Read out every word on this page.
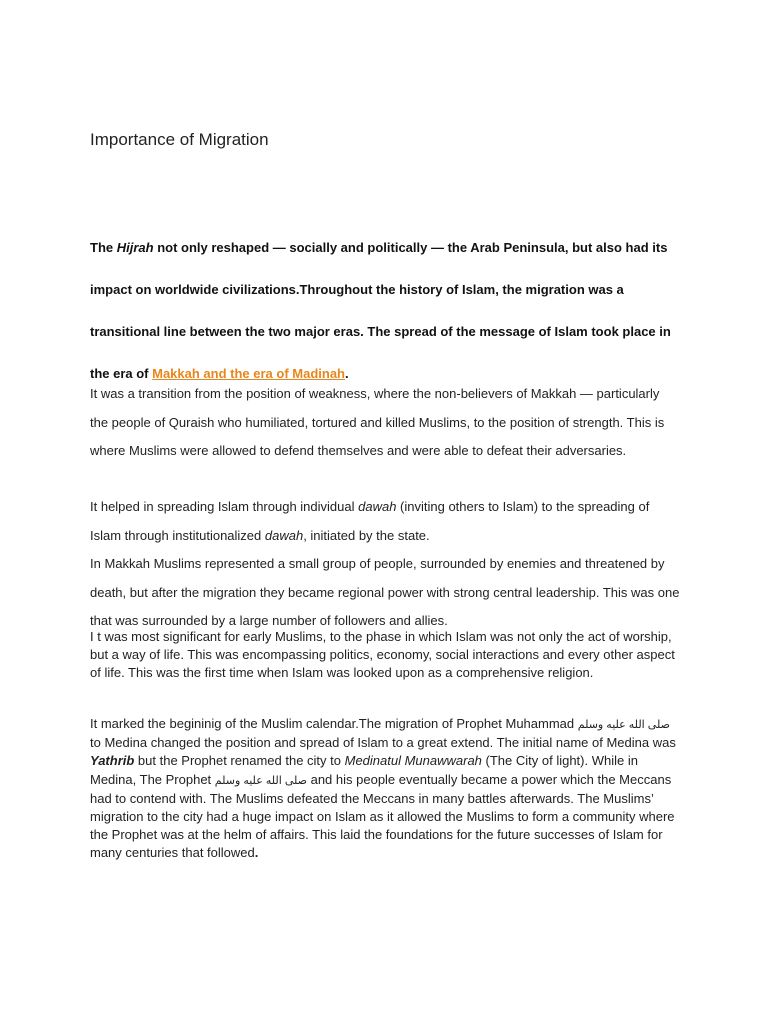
Importance of Migration

The Hijrah not only reshaped — socially and politically — the Arab Peninsula, but also had its impact on worldwide civilizations.Throughout the history of Islam, the migration was a transitional line between the two major eras. The spread of the message of Islam took place in the era of Makkah and the era of Madinah.

It was a transition from the position of weakness, where the non-believers of Makkah — particularly the people of Quraish who humiliated, tortured and killed Muslims, to the position of strength. This is where Muslims were allowed to defend themselves and were able to defeat their adversaries.

It helped in spreading Islam through individual dawah (inviting others to Islam) to the spreading of Islam through institutionalized dawah, initiated by the state.

In Makkah Muslims represented a small group of people, surrounded by enemies and threatened by death, but after the migration they became regional power with strong central leadership. This was one that was surrounded by a large number of followers and allies.

I t was most significant for early Muslims, to the phase in which Islam was not only the act of worship, but a way of life. This was encompassing politics, economy, social interactions and every other aspect of life. This was the first time when Islam was looked upon as a comprehensive religion.

It marked the begininig of the Muslim calendar.The migration of Prophet Muhammad صلى الله عليه وسلم to Medina changed the position and spread of Islam to a great extend. The initial name of Medina was Yathrib but the Prophet renamed the city to Medinatul Munawwarah (The City of light). While in Medina, The Prophet صلى الله عليه وسلم and his people eventually became a power which the Meccans had to contend with. The Muslims defeated the Meccans in many battles afterwards. The Muslims’ migration to the city had a huge impact on Islam as it allowed the Muslims to form a community where the Prophet was at the helm of affairs. This laid the foundations for the future successes of Islam for many centuries that followed.
